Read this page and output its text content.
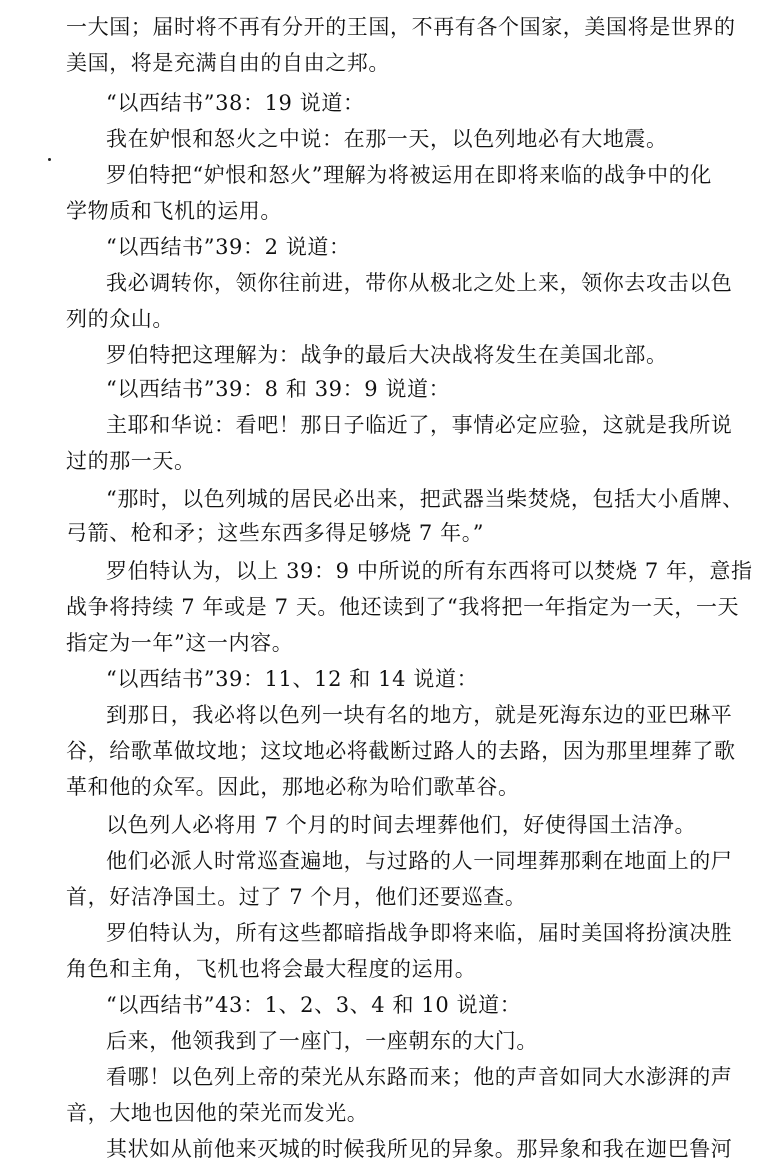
一大国；届时将不再有分开的王国，不再有各个国家，美国将是世界的

美国，将是充满自由的自由之邦。

“以西结书”38：19 说道：

我在妒恨和怒火之中说：在那一天，以色列地必有大地震。

罗伯特把“妒恨和怒火”理解为将被运用在即将来临的战争中的化

学物质和飞机的运用。

“以西结书”39：2 说道：

我必调转你，领你往前进，带你从极北之处上来，领你去攻击以色

列的众山。

罗伯特把这理解为：战争的最后大决战将发生在美国北部。

“以西结书”39：8 和 39：9 说道：

主耶和华说：看吧！那日子临近了，事情必定应验，这就是我所说

过的那一天。

“那时，以色列城的居民必出来，把武器当柴焚烧，包括大小盾牌、

弓箭、枪和矛；这些东西多得足够烧 7 年。”

罗伯特认为，以上 39：9 中所说的所有东西将可以焚烧 7 年，意指

战争将持续 7 年或是 7 天。他还读到了“我将把一年指定为一天，一天

指定为一年”这一内容。

“以西结书”39：11、12 和 14 说道：

到那日，我必将以色列一块有名的地方，就是死海东边的亚巴琳平

谷，给歌革做坟地；这坟地必将截断过路人的去路，因为那里埋葬了歌

革和他的众军。因此，那地必称为哈们歌革谷。

以色列人必将用 7 个月的时间去埋葬他们，好使得国土洁净。

他们必派人时常巡查遍地，与过路的人一同埋葬那剩在地面上的尸

首，好洁净国土。过了 7 个月，他们还要巡查。

罗伯特认为，所有这些都暗指战争即将来临，届时美国将扮演决胜

角色和主角，飞机也将会最大程度的运用。

“以西结书”43：1、2、3、4 和 10 说道：

后来，他领我到了一座门，一座朝东的大门。

看哪！以色列上帝的荣光从东路而来；他的声音如同大水澎湃的声

音，大地也因他的荣光而发光。

其状如从前他来灭城的时候我所见的异象。那异象和我在迦巴鲁河
